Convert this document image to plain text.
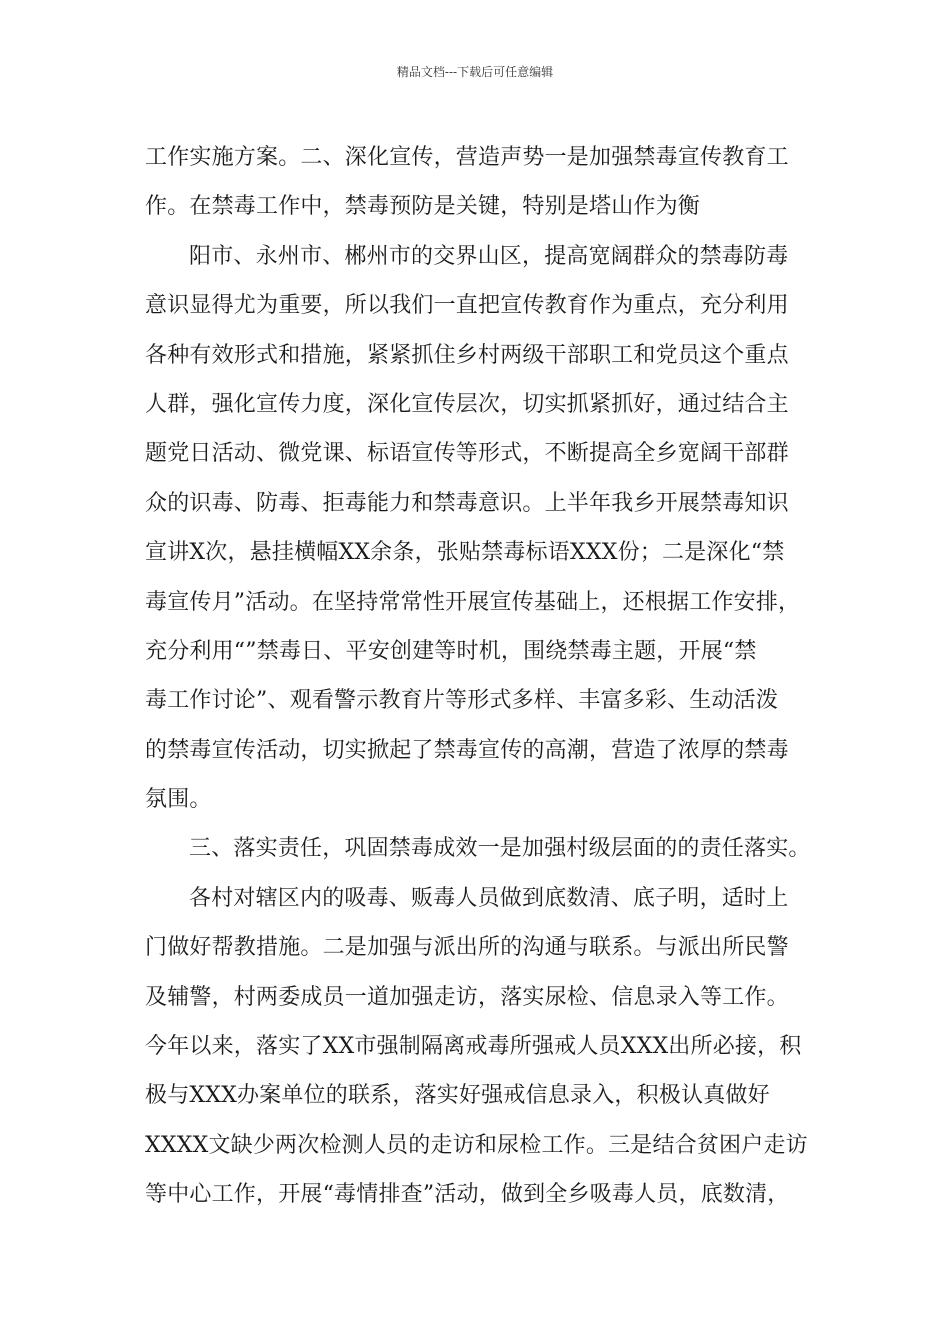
精品文档---下载后可任意编辑
工作实施方案。二、深化宣传，营造声势一是加强禁毒宣传教育工
作。在禁毒工作中，禁毒预防是关键，特别是塔山作为衡
阳市、永州市、郴州市的交界山区，提高宽阔群众的禁毒防毒
意识显得尤为重要，所以我们一直把宣传教育作为重点，充分利用
各种有效形式和措施，紧紧抓住乡村两级干部职工和党员这个重点
人群，强化宣传力度，深化宣传层次，切实抓紧抓好，通过结合主
题党日活动、微党课、标语宣传等形式，不断提高全乡宽阔干部群
众的识毒、防毒、拒毒能力和禁毒意识。上半年我乡开展禁毒知识
宣讲X次，悬挂横幅XX余条，张贴禁毒标语XXX份；二是深化“禁
毒宣传月”活动。在坚持常常性开展宣传基础上，还根据工作安排，
充分利用“”禁毒日、平安创建等时机，围绕禁毒主题，开展“禁
毒工作讨论”、观看警示教育片等形式多样、丰富多彩、生动活泼
的禁毒宣传活动，切实掀起了禁毒宣传的高潮，营造了浓厚的禁毒
氛围。
三、落实责任，巩固禁毒成效一是加强村级层面的的责任落实。
各村对辖区内的吸毒、贩毒人员做到底数清、底子明，适时上
门做好帮教措施。二是加强与派出所的沟通与联系。与派出所民警
及辅警，村两委成员一道加强走访，落实尿检、信息录入等工作。
今年以来，落实了XX市强制隔离戒毒所强戒人员XXX出所必接，积
极与XXX办案单位的联系，落实好强戒信息录入，积极认真做好
XXXX文缺少两次检测人员的走访和尿检工作。三是结合贫困户走访
等中心工作，开展“毒情排查”活动，做到全乡吸毒人员，底数清，
